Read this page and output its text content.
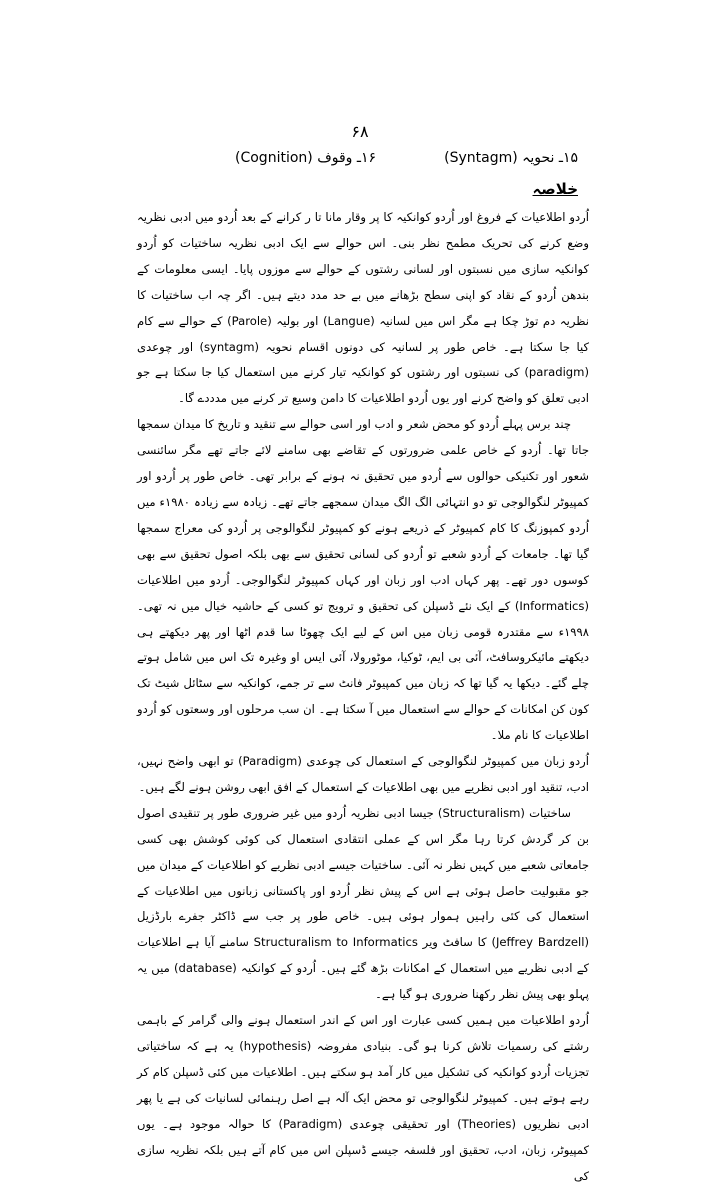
۶۸
۱۵ـ نحویہ (Syntagm)
۱۶ـ وقوف (Cognition)
خلاصہ

اُردو اطلاعیات کے فروغ اور اُردو کوانکیہ کا پر وقار مانا تا ر کرانے کے بعد اُردو میں ادبی نظریہ وضع کرنے کی تحریک مطمح نظر بنی۔ اس حوالے سے ایک ادبی نظریہ ساختیات کو اُردو کوانکیہ سازی میں نسبتوں اور لسانی رشتوں کے حوالے سے موزوں پایا۔ ایسی معلومات کے بندھن اُردو کے نقاد کو اپنی سطح بڑھانے میں بے حد مدد دیتے ہیں۔ اگر چہ اب ساختیات کا نظریہ دم توڑ چکا ہے مگر اس میں لسانیہ (Langue) اور بولیہ (Parole) کے حوالے سے کام کیا جا سکتا ہے۔ خاص طور پر لسانیہ کی دونوں اقسام نحویہ (syntagm) اور چوعدی (paradigm) کی نسبتوں اور رشتوں کو کوانکیہ تیار کرنے میں استعمال کیا جا سکتا ہے جو ادبی تعلق کو واضح کرنے اور یوں اُردو اطلاعیات کا دامن وسیع تر کرنے میں مدددے گا۔

چند برس پہلے اُردو کو محض شعر و ادب اور اسی حوالے سے تنقید و تاریخ کا میدان سمجھا جاتا تھا۔ اُردو کے خاص علمی ضرورتوں کے تقاضے بھی سامنے لائے جاتے تھے مگر سائنسی شعور اور تکنیکی حوالوں سے اُردو میں تحقیق نہ ہونے کے برابر تھی۔ خاص طور پر اُردو اور کمپیوٹر لنگوالوجی تو دو انتہائی الگ الگ میدان سمجھے جاتے تھے۔ زیادہ سے زیادہ ۱۹۸۰ء میں اُردو کمپوزنگ کا کام کمپیوٹر کے ذریعے ہونے کو کمپیوٹر لنگوالوجی پر اُردو کی معراج سمجھا گیا تھا۔ جامعات کے اُردو شعبے تو اُردو کی لسانی تحقیق سے بھی بلکہ اصول تحقیق سے بھی کوسوں دور تھے۔ پھر کہاں ادب اور زبان اور کہاں کمپیوٹر لنگوالوجی۔ اُردو میں اطلاعیات (Informatics) کے ایک نئے ڈسپلن کی تحقیق و ترویج تو کسی کے حاشیہ خیال میں نہ تھی۔ ۱۹۹۸ء سے مقتدرہ قومی زبان میں اس کے لیے ایک چھوٹا سا قدم اٹھا اور پھر دیکھتے ہی دیکھتے مائیکروسافٹ، آئی بی ایم، ٹوکیا، موٹورولا، آئی ایس او وغیرہ تک اس میں شامل ہوتے چلے گئے۔ دیکھا یہ گیا تھا کہ زبان میں کمپیوٹر فانٹ سے تر جمے، کوانکیہ سے سٹائل شیٹ تک کون کن امکانات کے حوالے سے استعمال میں آ سکتا ہے۔ ان سب مرحلوں اور وسعتوں کو اُردو اطلاعیات کا نام ملا۔

اُردو زبان میں کمپیوٹر لنگوالوجی کے استعمال کی چوعدی (Paradigm) تو ابھی واضح نہیں، ادب، تنقید اور ادبی نظریے میں بھی اطلاعیات کے استعمال کے افق ابھی روشن ہونے لگے ہیں۔

ساختیات (Structuralism) جیسا ادبی نظریہ اُردو میں غیر ضروری طور پر تنقیدی اصول بن کر گردش کرتا رہا مگر اس کے عملی انتقادی استعمال کی کوئی کوشش بھی کسی جامعاتی شعبے میں کہیں نظر نہ آئی۔ ساختیات جیسے ادبی نظریے کو اطلاعیات کے میدان میں جو مقبولیت حاصل ہوئی ہے اس کے پیش نظر اُردو اور پاکستانی زبانوں میں اطلاعیات کے استعمال کی کئی راہیں ہموار ہوئی ہیں۔ خاص طور پر جب سے ڈاکٹر جفرے بارڈزیل (Jeffrey Bardzell) کا سافٹ ویر Structuralism to Informatics سامنے آیا ہے اطلاعیات کے ادبی نظریے میں استعمال کے امکانات بڑھ گئے ہیں۔ اُردو کے کوانکیہ (database) میں یہ پہلو بھی پیش نظر رکھنا ضروری ہو گیا ہے۔

اُردو اطلاعیات میں ہمیں کسی عبارت اور اس کے اندر استعمال ہونے والی گرامر کے باہمی رشتے کی رسمیات تلاش کرنا ہو گی۔ بنیادی مفروضہ (hypothesis) یہ ہے کہ ساختیاتی تجزیات اُردو کوانکیہ کی تشکیل میں کار آمد ہو سکتے ہیں۔ اطلاعیات میں کئی ڈسپلن کام کر رہے ہوتے ہیں۔ کمپیوٹر لنگوالوجی تو محض ایک آلہ ہے اصل رہنمائی لسانیات کی ہے یا پھر ادبی نظریوں (Theories) اور تحقیقی چوعدی (Paradigm) کا حوالہ موجود ہے۔ یوں کمپیوٹر، زبان، ادب، تحقیق اور فلسفہ جیسے ڈسپلن اس میں کام آتے ہیں بلکہ نظریہ سازی کی
